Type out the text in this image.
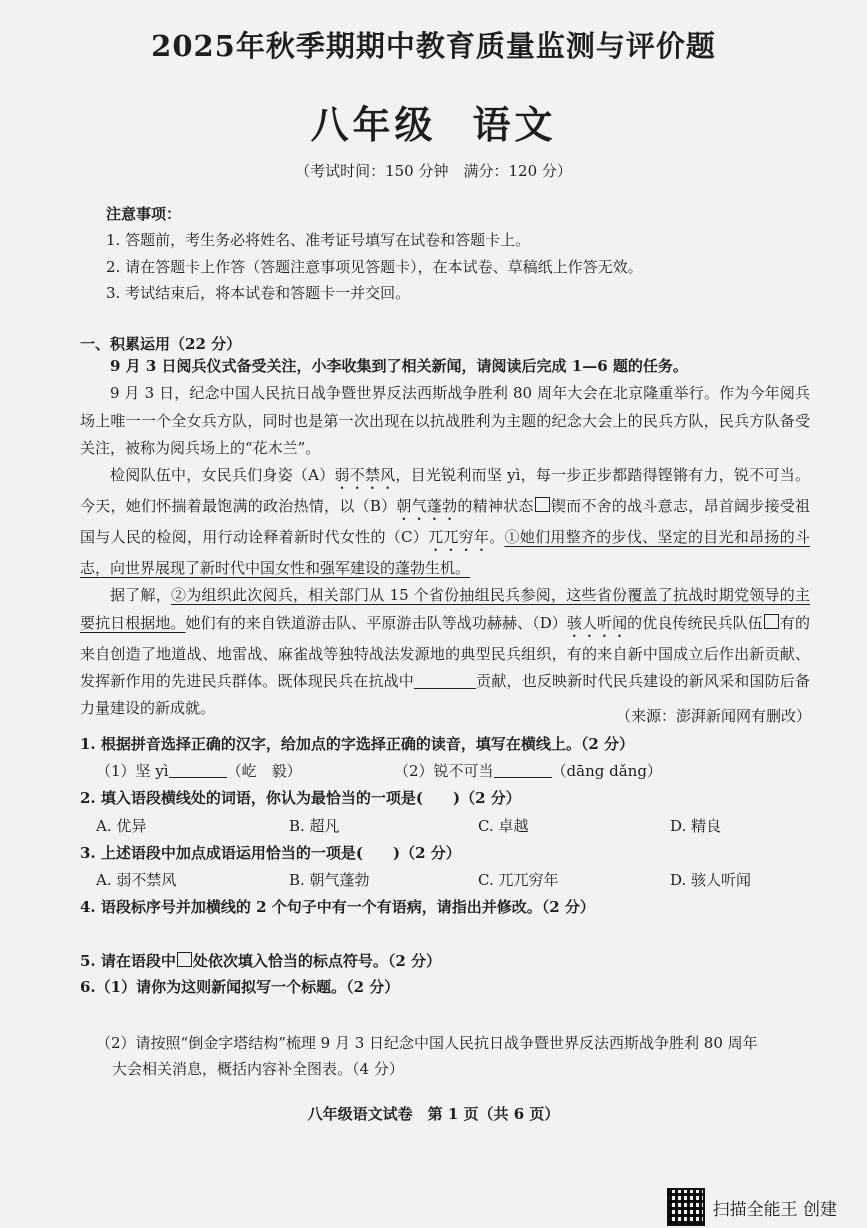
2025年秋季期期中教育质量监测与评价题
八年级 语文
（考试时间：150 分钟　满分：120 分）
注意事项：
1. 答题前，考生务必将姓名、准考证号填写在试卷和答题卡上。
2. 请在答题卡上作答（答题注意事项见答题卡），在本试卷、草稿纸上作答无效。
3. 考试结束后，将本试卷和答题卡一并交回。
一、积累运用（22 分）

9 月 3 日阅兵仪式备受关注，小李收集到了相关新闻，请阅读后完成 1—6 题的任务。

9 月 3 日，纪念中国人民抗日战争暨世界反法西斯战争胜利 80 周年大会在北京隆重举行。作为今年阅兵场上唯一一个全女兵方队，同时也是第一次出现在以抗战胜利为主题的纪念大会上的民兵方队，民兵方队备受关注，被称为阅兵场上的“花木兰”。

检阅队伍中，女民兵们身姿（A）弱不禁风，目光锐利而坚 yì，每一步正步都踏得铿锵有力，锐不可当。今天，她们怀揣着最饱满的政治热情，以（B）朝气蓬勃的精神状态 锲而不舍的战斗意志，昂首阔步接受祖国与人民的检阅，用行动诠释着新时代女性的（C）兀兀穷年。①她们用整齐的步伐、坚定的目光和昂扬的斗志，向世界展现了新时代中国女性和强军建设的蓬勃生机。

据了解，②为组织此次阅兵，相关部门从 15 个省份抽组民兵参阅，这些省份覆盖了抗战时期党领导的主要抗日根据地。她们有的来自铁道游击队、平原游击队等战功赫赫、（D）骇人听闻的优良传统民兵队伍 有的来自创造了地道战、地雷战、麻雀战等独特战法发源地的典型民兵组织，有的来自新中国成立后作出新贡献、发挥新作用的先进民兵群体。既体现民兵在抗战中	贡献，也反映新时代民兵建设的新风采和国防后备力量建设的新成就。	（来源：澎湃新闻网有删改）
1. 根据拼音选择正确的汉字，给加点的字选择正确的读音，填写在横线上。（2 分）
（1）坚 yì	（屹　毅）	（2）锐不可当	（dāng dǎng）
2. 填入语段横线处的词语，你认为最恰当的一项是(　　)（2 分）
A. 优异	B. 超凡	C. 卓越	D. 精良
3. 上述语段中加点成语运用恰当的一项是(　　)（2 分）
A. 弱不禁风	B. 朝气蓬勃	C. 兀兀穷年	D. 骇人听闻
4. 语段标序号并加横线的 2 个句子中有一个有语病，请指出并修改。（2 分）
5. 请在语段中 处依次填入恰当的标点符号。（2 分）
6.（1）请你为这则新闻拟写一个标题。（2 分）
（2）请按照“倒金字塔结构”梳理 9 月 3 日纪念中国人民抗日战争暨世界反法西斯战争胜利 80 周年
大会相关消息，概括内容补全图表。（4 分）
八年级语文试卷　第 1 页（共 6 页）
扫描全能王 创建
